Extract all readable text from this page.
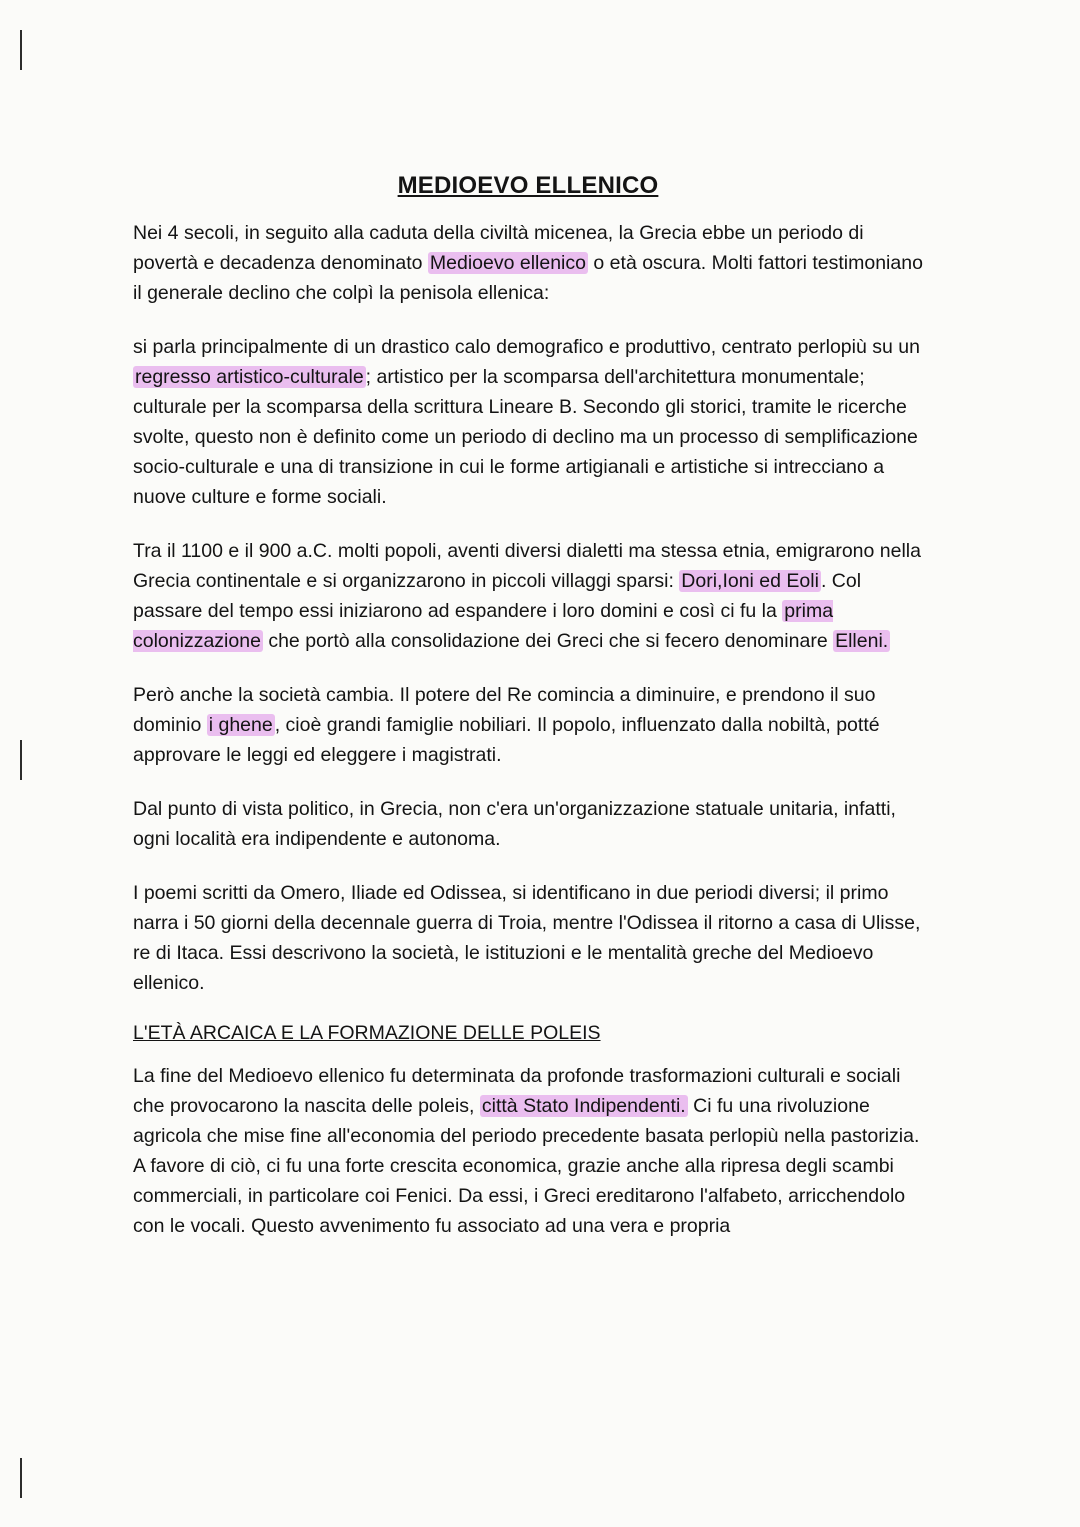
MEDIOEVO ELLENICO

Nei 4 secoli, in seguito alla caduta della civiltà micenea, la Grecia ebbe un periodo di povertà e decadenza denominato Medioevo ellenico o età oscura. Molti fattori testimoniano il generale declino che colpì la penisola ellenica:

si parla principalmente di un drastico calo demografico e produttivo, centrato perlopiù su un regresso artistico-culturale ; artistico per la scomparsa dell'architettura monumentale; culturale per la scomparsa della scrittura Lineare B. Secondo gli storici, tramite le ricerche svolte, questo non è definito come un periodo di declino ma un processo di semplificazione socio-culturale e una di transizione in cui le forme artigianali e artistiche si intrecciano a nuove culture e forme sociali.

Tra il 1100 e il 900 a.C. molti popoli, aventi diversi dialetti ma stessa etnia, emigrarono nella Grecia continentale e si organizzarono in piccoli villaggi sparsi: Dori,Ioni ed Eoli . Col passare del tempo essi iniziarono ad espandere i loro domini e così ci fu la prima colonizzazione che portò alla consolidazione dei Greci che si fecero denominare Elleni.

Però anche la società cambia. Il potere del Re comincia a diminuire, e prendono il suo dominio i ghene , cioè grandi famiglie nobiliari. Il popolo, influenzato dalla nobiltà, potté approvare le leggi ed eleggere i magistrati.

Dal punto di vista politico, in Grecia, non c'era un'organizzazione statuale unitaria, infatti, ogni località era indipendente e autonoma.

I poemi scritti da Omero, Iliade ed Odissea, si identificano in due periodi diversi; il primo narra i 50 giorni della decennale guerra di Troia, mentre l'Odissea il ritorno a casa di Ulisse, re di Itaca. Essi descrivono la società, le istituzioni e le mentalità greche del Medioevo ellenico.

L'ETÀ ARCAICA E LA FORMAZIONE DELLE POLEIS

La fine del Medioevo ellenico fu determinata da profonde trasformazioni culturali e sociali che provocarono la nascita delle poleis, città Stato Indipendenti. Ci fu una rivoluzione agricola che mise fine all'economia del periodo precedente basata perlopiù nella pastorizia. A favore di ciò, ci fu una forte crescita economica, grazie anche alla ripresa degli scambi commerciali, in particolare coi Fenici. Da essi, i Greci ereditarono l'alfabeto, arricchendolo con le vocali. Questo avvenimento fu associato ad una vera e propria
